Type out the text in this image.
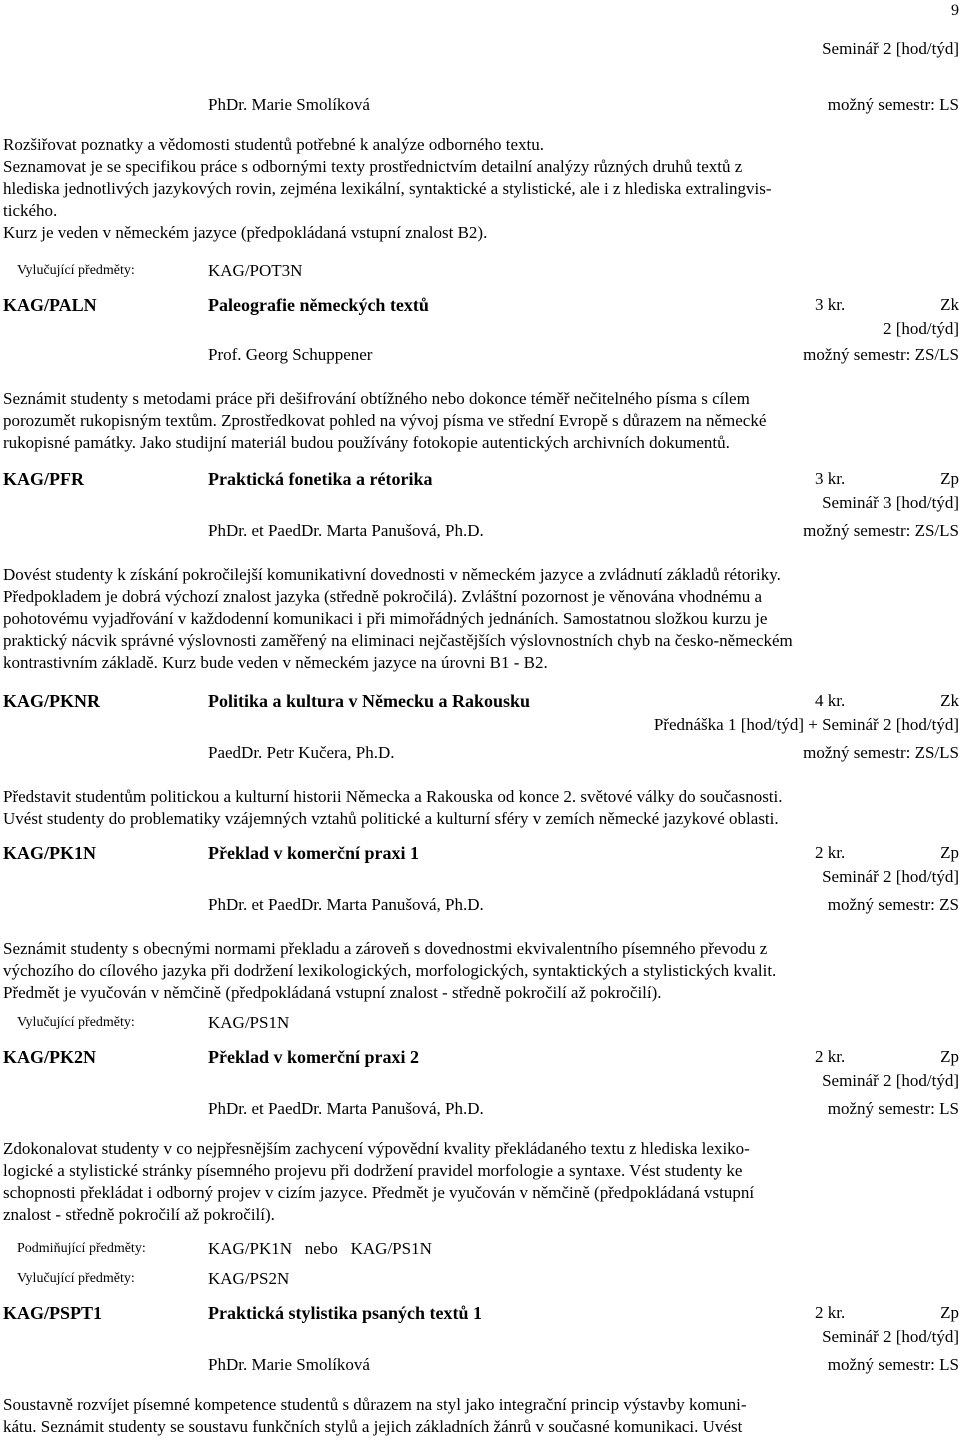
9
Seminář 2 [hod/týd]
PhDr. Marie Smolíková	možný semestr: LS
Rozšiřovat poznatky a vědomosti studentů potřebné k analýze odborného textu.
Seznamovat je se specifikou práce s odbornými texty prostřednictvím detailní analýzy různých druhů textů z
hlediska jednotlivých jazykových rovin, zejména lexikální, syntaktické a stylistické, ale i z hlediska extralingvis-
tického.
Kurz je veden v německém jazyce (předpokládaná vstupní znalost B2).
Vylučující předměty:	KAG/POT3N
KAG/PALN	Paleografie německých textů	3 kr.	Zk
2 [hod/týd]
Prof. Georg Schuppener	možný semestr: ZS/LS
Seznámit studenty s metodami práce při dešifrování obtížného nebo dokonce téměř nečitelného písma s cílem
porozumět rukopisným textům. Zprostředkovat pohled na vývoj písma ve střední Evropě s důrazem na německé
rukopisné památky. Jako studijní materiál budou používány fotokopie autentických archivních dokumentů.
KAG/PFR	Praktická fonetika a rétorika	3 kr.	Zp
Seminář 3 [hod/týd]
PhDr. et PaedDr. Marta Panušová, Ph.D.	možný semestr: ZS/LS
Dovést studenty k získání pokročilejší komunikativní dovednosti v německém jazyce a zvládnutí základů rétoriky.
Předpokladem je dobrá výchozí znalost jazyka (středně pokročilá). Zvláštní pozornost je věnována vhodnému a
pohotovému vyjadřování v každodenní komunikaci i při mimořádných jednáních. Samostatnou složkou kurzu je
praktický nácvik správné výslovnosti zaměřený na eliminaci nejčastějších výslovnostních chyb na česko-německém
kontrastivním základě. Kurz bude veden v německém jazyce na úrovni B1 - B2.
KAG/PKNR	Politika a kultura v Německu a Rakousku	4 kr.	Zk
Přednáška 1 [hod/týd] + Seminář 2 [hod/týd]
PaedDr. Petr Kučera, Ph.D.	možný semestr: ZS/LS
Představit studentům politickou a kulturní historii Německa a Rakouska od konce 2. světové války do současnosti.
Uvést studenty do problematiky vzájemných vztahů politické a kulturní sféry v zemích německé jazykové oblasti.
KAG/PK1N	Překlad v komerční praxi 1	2 kr.	Zp
Seminář 2 [hod/týd]
PhDr. et PaedDr. Marta Panušová, Ph.D.	možný semestr: ZS
Seznámit studenty s obecnými normami překladu a zároveň s dovednostmi ekvivalentního písemného převodu z
výchozího do cílového jazyka při dodržení lexikologických, morfologických, syntaktických a stylistických kvalit.
Předmět je vyučován v němčině (předpokládaná vstupní znalost - středně pokročilí až pokročilí).
Vylučující předměty:	KAG/PS1N
KAG/PK2N	Překlad v komerční praxi 2	2 kr.	Zp
Seminář 2 [hod/týd]
PhDr. et PaedDr. Marta Panušová, Ph.D.	možný semestr: LS
Zdokonalovat studenty v co nejpřesnějším zachycení výpovědní kvality překládaného textu z hlediska lexiko-
logické a stylistické stránky písemného projevu při dodržení pravidel morfologie a syntaxe. Vést studenty ke
schopnosti překládat i odborný projev v cizím jazyce. Předmět je vyučován v němčině (předpokládaná vstupní
znalost - středně pokročilí až pokročilí).
Podmiňující předměty:	KAG/PK1N   nebo   KAG/PS1N
Vylučující předměty:	KAG/PS2N
KAG/PSPT1	Praktická stylistika psaných textů 1	2 kr.	Zp
Seminář 2 [hod/týd]
PhDr. Marie Smolíková	možný semestr: LS
Soustavně rozvíjet písemné kompetence studentů s důrazem na styl jako integrační princip výstavby komuni-
kátu. Seznámit studenty se soustavu funkčních stylů a jejich základních žánrů v současné komunikaci. Uvést
